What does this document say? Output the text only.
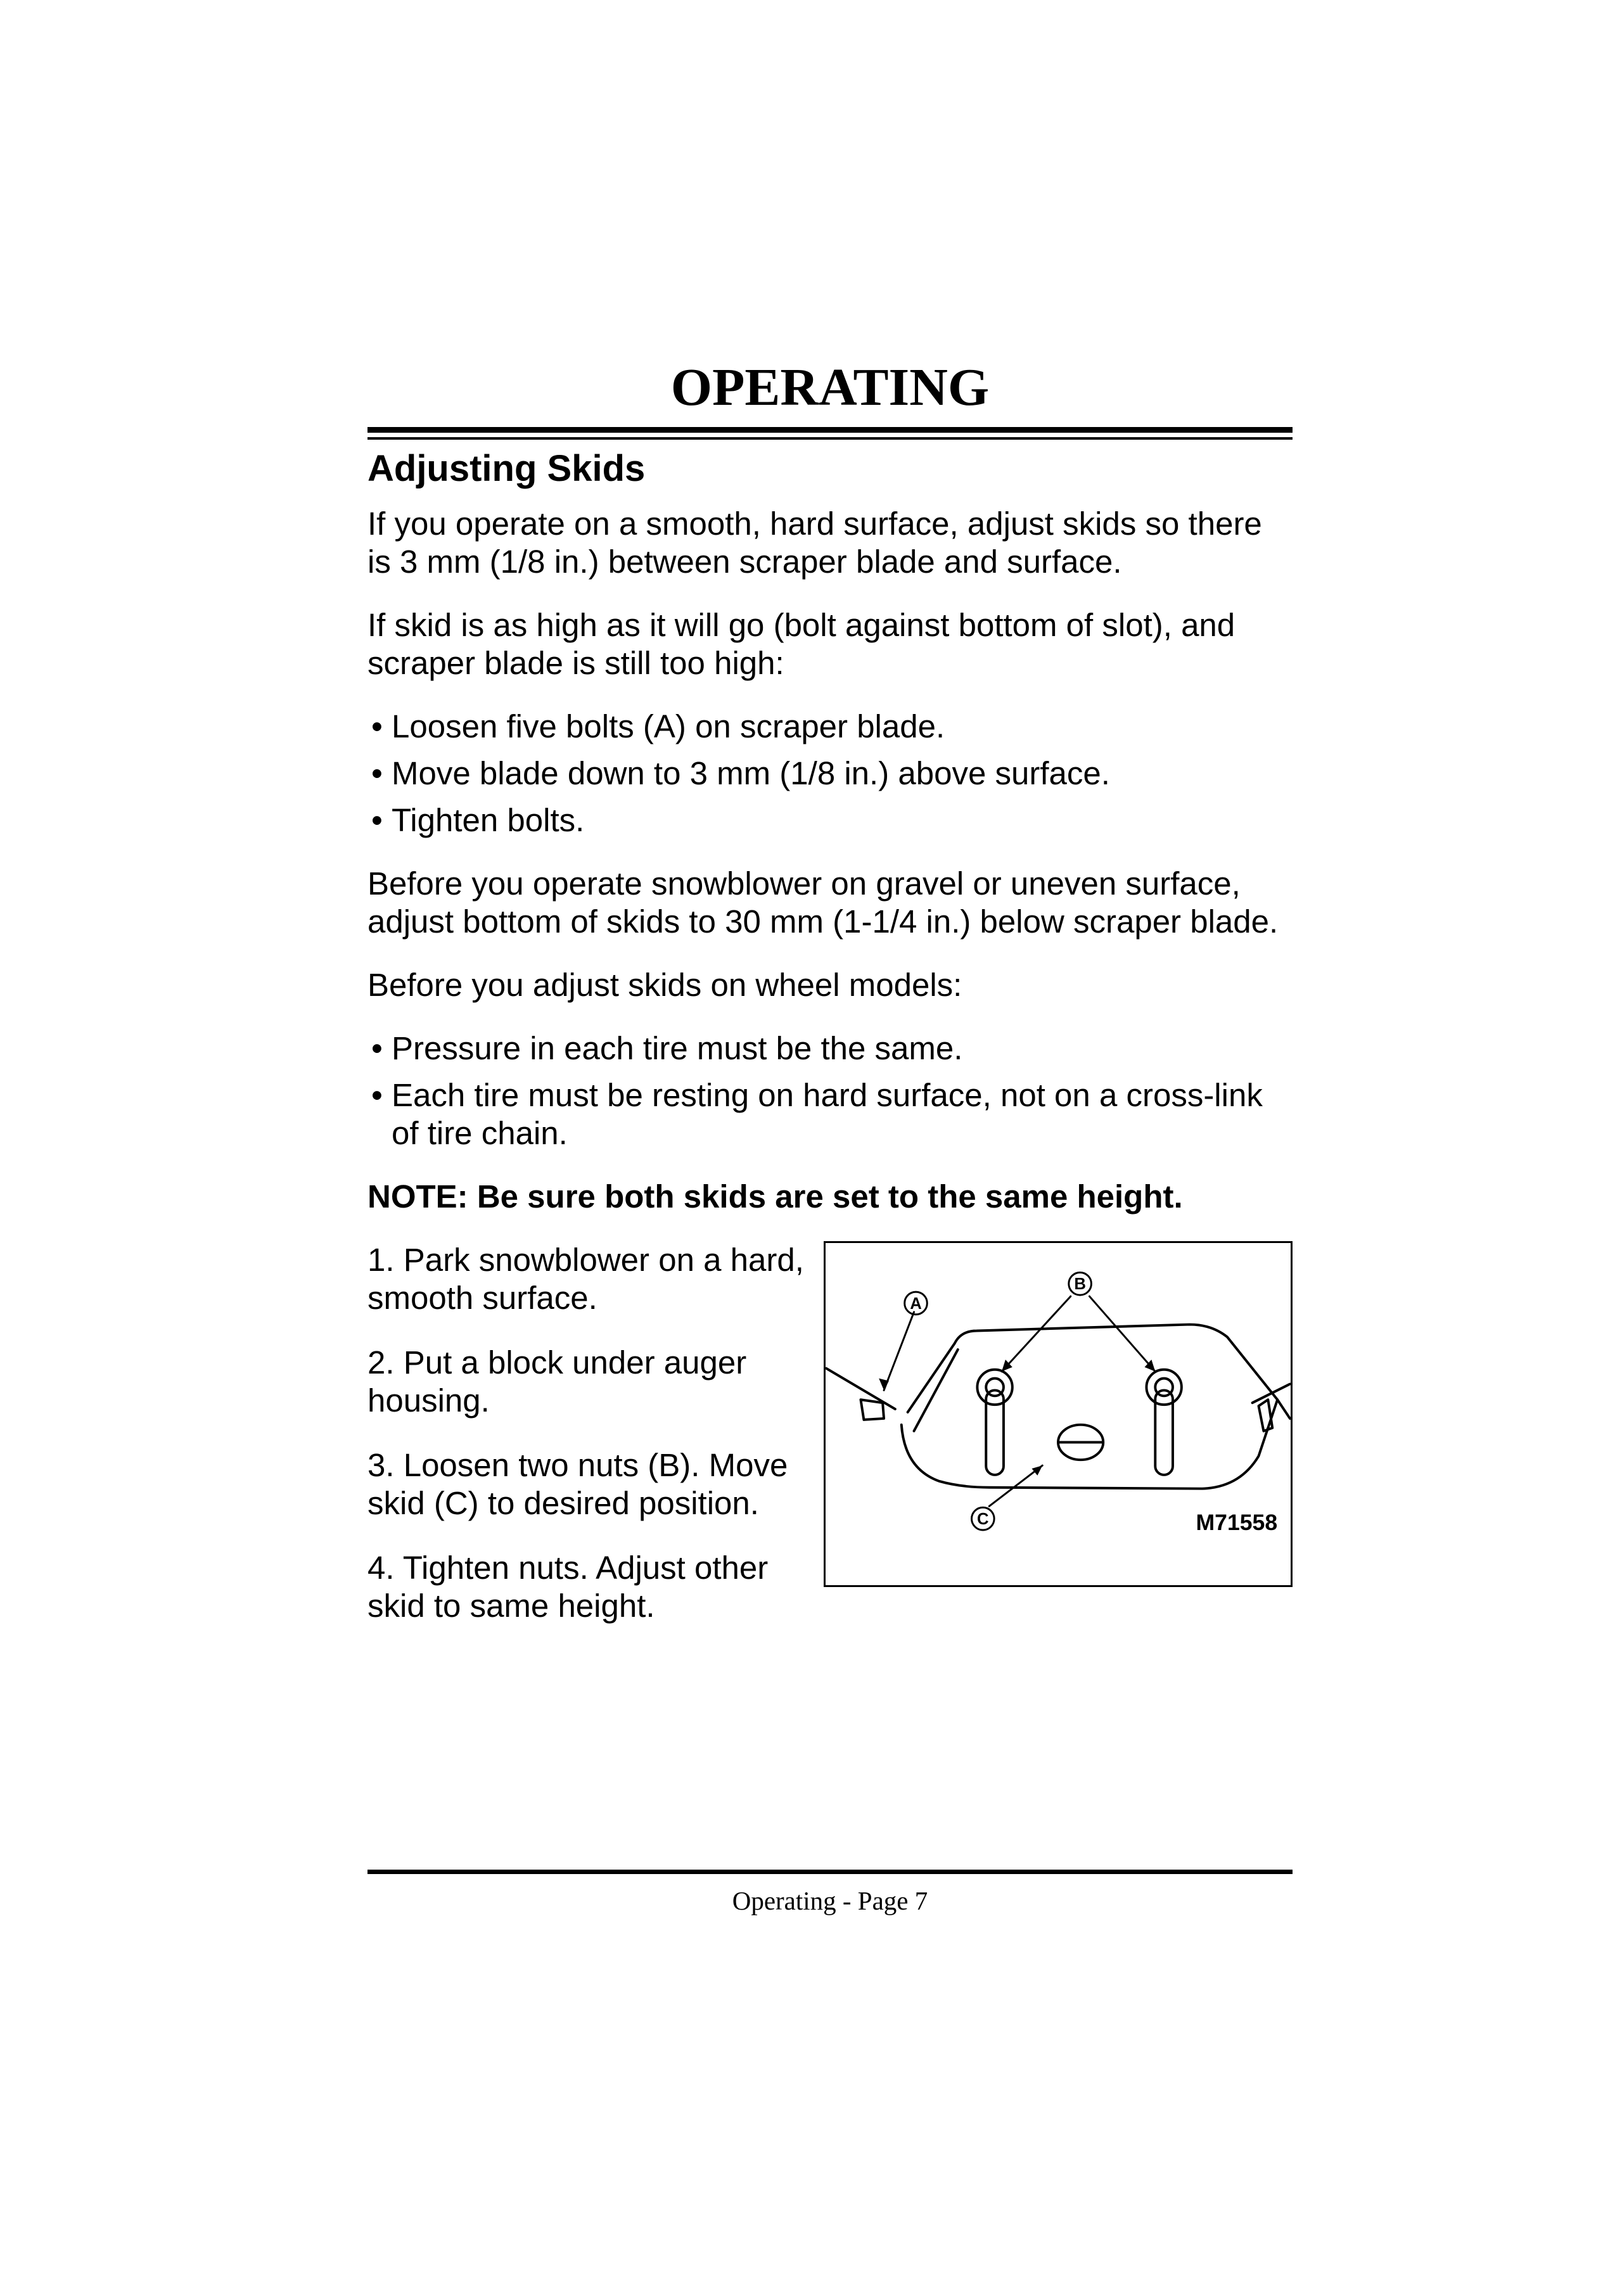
OPERATING
Adjusting Skids

If you operate on a smooth, hard surface, adjust skids so there is 3 mm (1/8 in.) between scraper blade and surface.

If skid is as high as it will go (bolt against bottom of slot), and scraper blade is still too high:

• Loosen five bolts (A) on scraper blade.
• Move blade down to 3 mm (1/8 in.) above surface.
• Tighten bolts.

Before you operate snowblower on gravel or uneven surface, adjust bottom of skids to 30 mm (1-1/4 in.) below scraper blade.

Before you adjust skids on wheel models:

• Pressure in each tire must be the same.
• Each tire must be resting on hard surface, not on a cross-link of tire chain.

NOTE: Be sure both skids are set to the same height.

1. Park snowblower on a hard, smooth surface.

2. Put a block under auger housing.

3. Loosen two nuts (B). Move skid (C) to desired position.

4. Tighten nuts. Adjust other skid to same height.

A
B
C	M71558
Operating - Page 7
